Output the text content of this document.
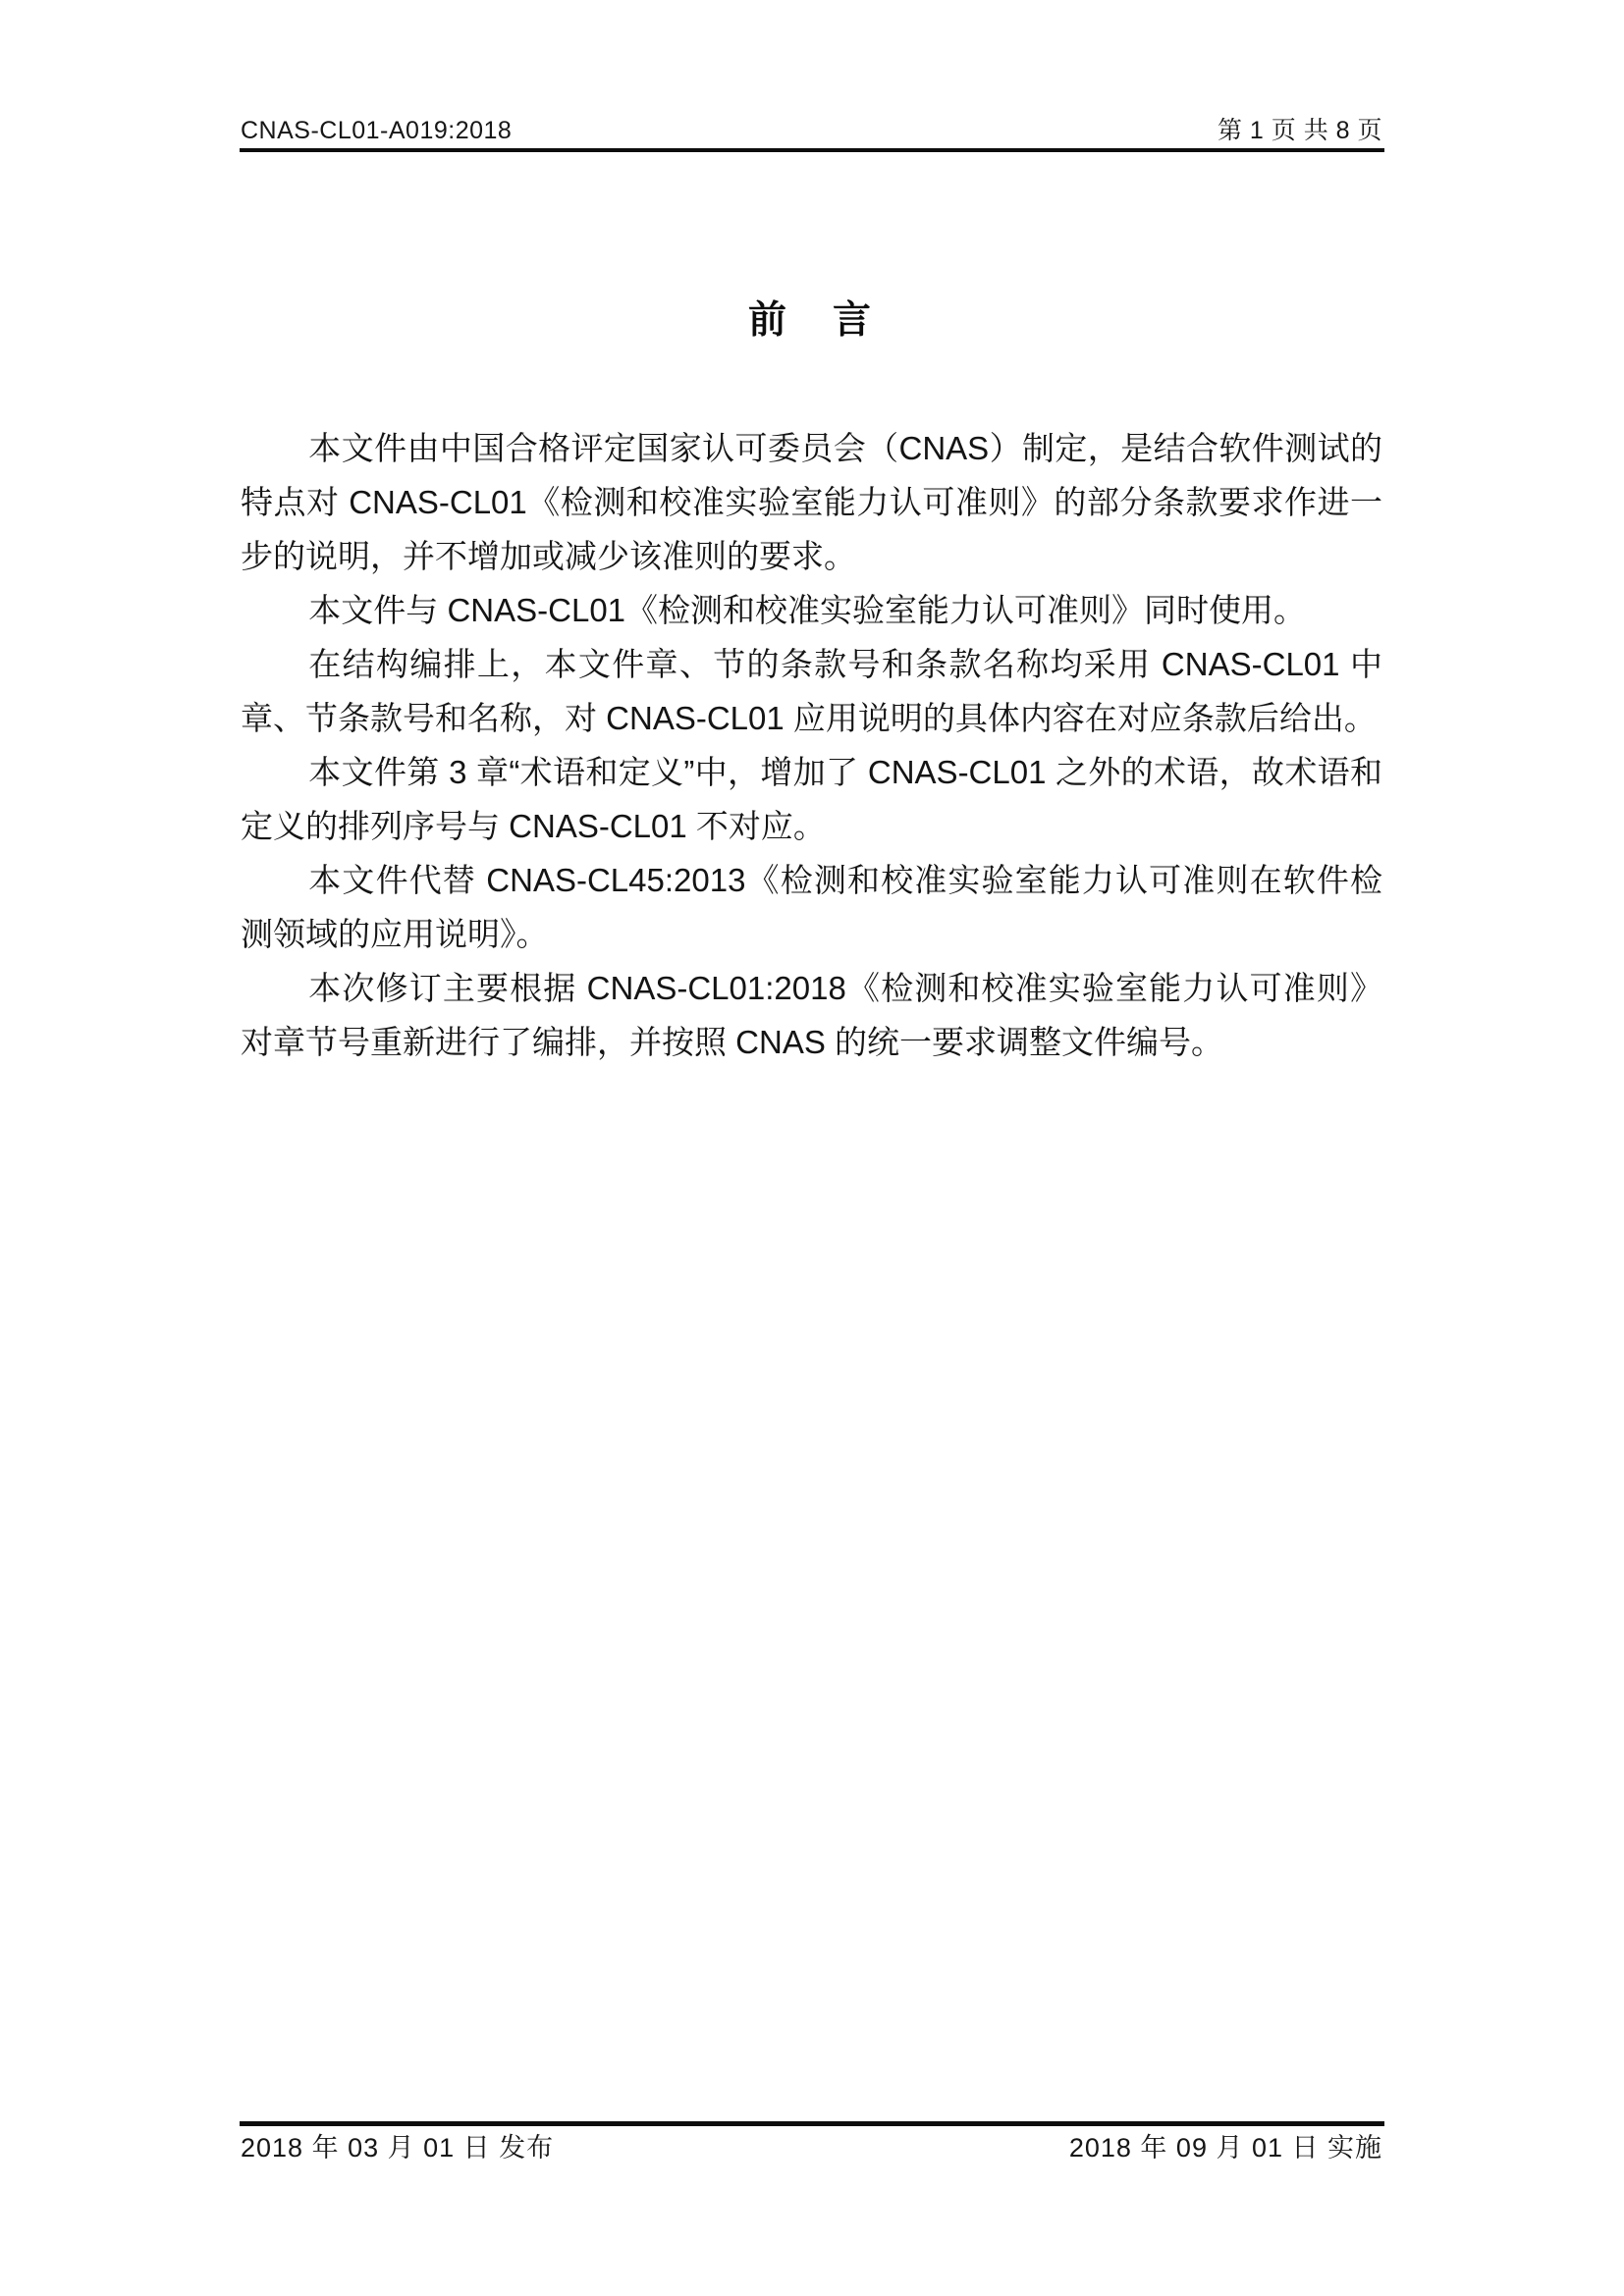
CNAS-CL01-A019:2018	第 1 页 共 8 页
前　言

本文件由中国合格评定国家认可委员会（CNAS）制定，是结合软件测试的特点对 CNAS-CL01《检测和校准实验室能力认可准则》的部分条款要求作进一步的说明，并不增加或减少该准则的要求。

本文件与 CNAS-CL01《检测和校准实验室能力认可准则》同时使用。

在结构编排上，本文件章、节的条款号和条款名称均采用 CNAS-CL01 中章、节条款号和名称，对 CNAS-CL01 应用说明的具体内容在对应条款后给出。

本文件第 3 章“术语和定义”中，增加了 CNAS-CL01 之外的术语，故术语和定义的排列序号与 CNAS-CL01 不对应。

本文件代替 CNAS-CL45:2013《检测和校准实验室能力认可准则在软件检测领域的应用说明》。

本次修订主要根据 CNAS-CL01:2018《检测和校准实验室能力认可准则》对章节号重新进行了编排，并按照 CNAS 的统一要求调整文件编号。

2018 年 03 月 01 日 发布	2018 年 09 月 01 日 实施
